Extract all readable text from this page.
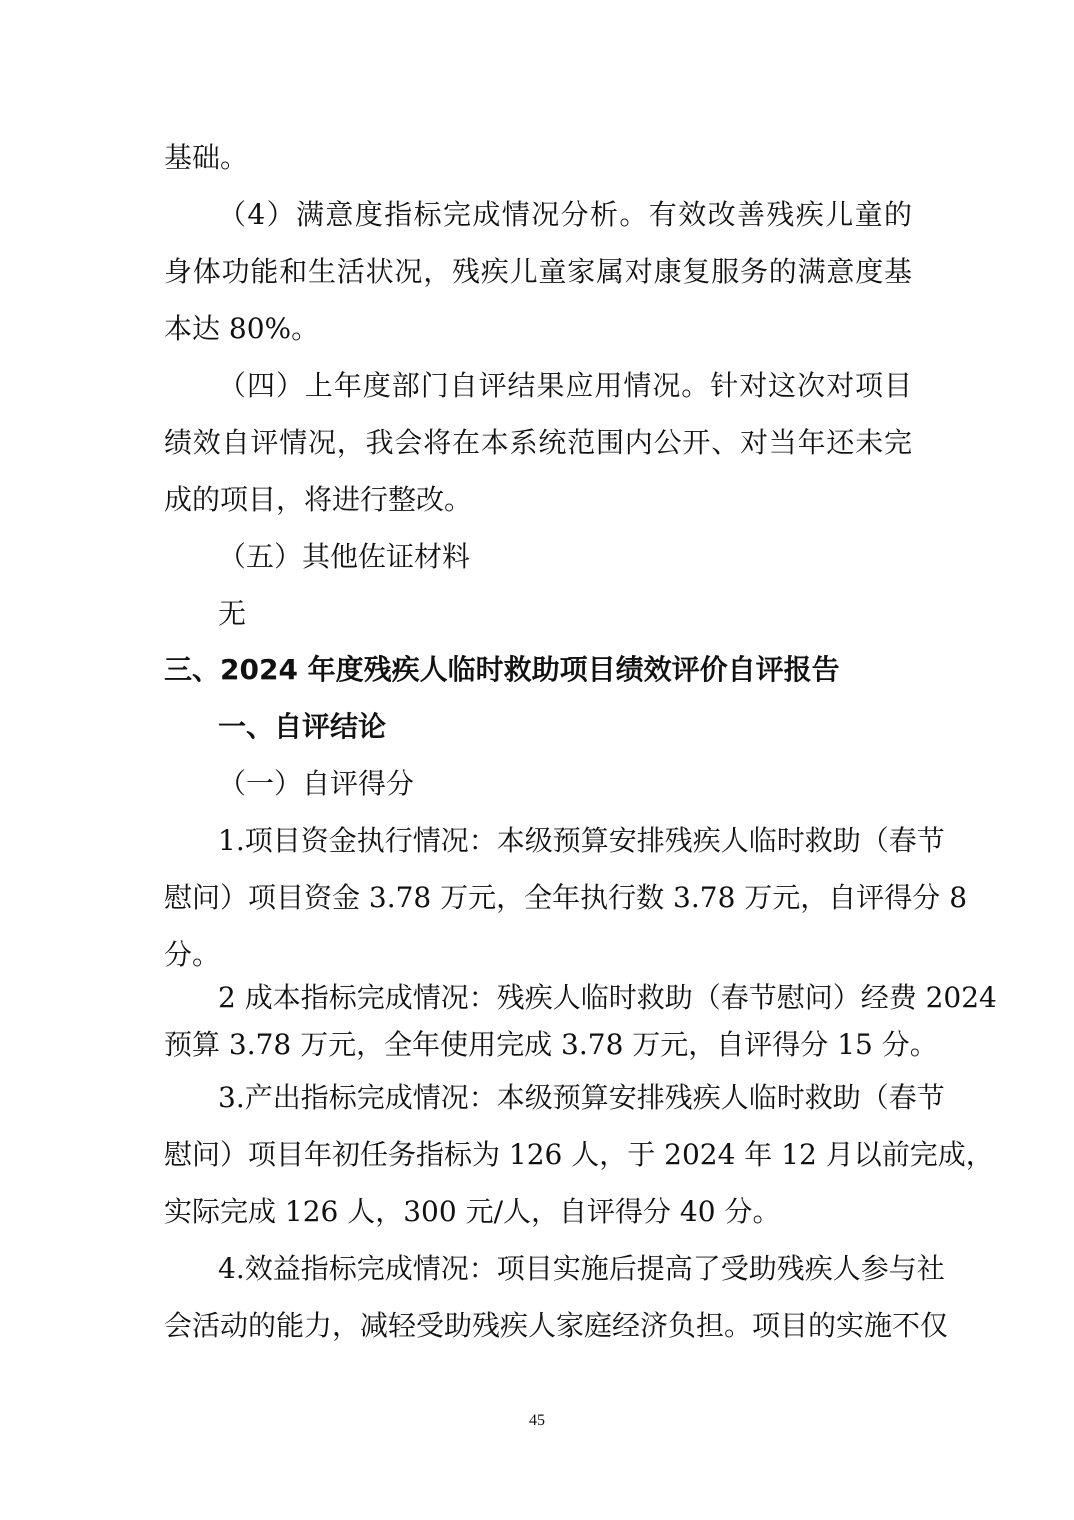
基础。
（4）满意度指标完成情况分析。有效改善残疾儿童的
身体功能和生活状况，残疾儿童家属对康复服务的满意度基
本达 80%。
（四）上年度部门自评结果应用情况。针对这次对项目
绩效自评情况，我会将在本系统范围内公开、对当年还未完
成的项目，将进行整改。
（五）其他佐证材料
无
三、2024 年度残疾人临时救助项目绩效评价自评报告
一、自评结论
（一）自评得分
1.项目资金执行情况：本级预算安排残疾人临时救助（春节
慰问）项目资金 3.78 万元，全年执行数 3.78 万元，自评得分 8
分。
2 成本指标完成情况：残疾人临时救助（春节慰问）经费 2024
预算 3.78 万元，全年使用完成 3.78 万元，自评得分 15 分。
3.产出指标完成情况：本级预算安排残疾人临时救助（春节
慰问）项目年初任务指标为 126 人，于 2024 年 12 月以前完成，
实际完成 126 人，300 元/人，自评得分 40 分。
4.效益指标完成情况：项目实施后提高了受助残疾人参与社
会活动的能力，减轻受助残疾人家庭经济负担。项目的实施不仅
45
